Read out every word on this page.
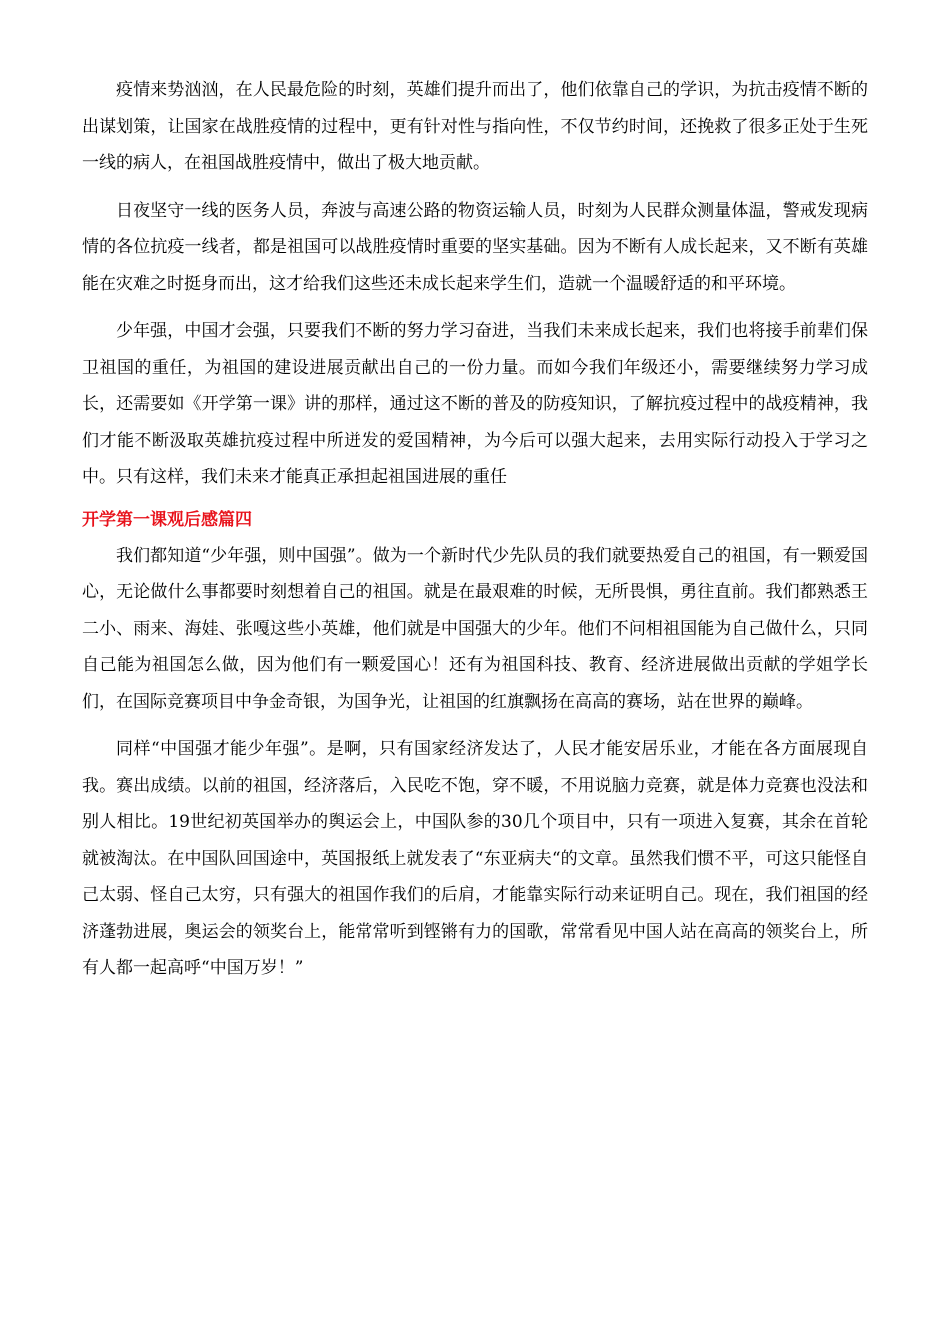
疫情来势汹汹，在人民最危险的时刻，英雄们提升而出了，他们依靠自己的学识，为抗击疫情不断的出谋划策，让国家在战胜疫情的过程中，更有针对性与指向性，不仅节约时间，还挽救了很多正处于生死一线的病人，在祖国战胜疫情中，做出了极大地贡献。

日夜坚守一线的医务人员，奔波与高速公路的物资运输人员，时刻为人民群众测量体温，警戒发现病情的各位抗疫一线者，都是祖国可以战胜疫情时重要的坚实基础。因为不断有人成长起来，又不断有英雄能在灾难之时挺身而出，这才给我们这些还未成长起来学生们，造就一个温暖舒适的和平环境。

少年强，中国才会强，只要我们不断的努力学习奋进，当我们未来成长起来，我们也将接手前辈们保卫祖国的重任，为祖国的建设进展贡献出自己的一份力量。而如今我们年级还小，需要继续努力学习成长，还需要如《开学第一课》讲的那样，通过这不断的普及的防疫知识，了解抗疫过程中的战疫精神，我们才能不断汲取英雄抗疫过程中所迸发的爱国精神，为今后可以强大起来，去用实际行动投入于学习之中。只有这样，我们未来才能真正承担起祖国进展的重任

开学第一课观后感篇四

我们都知道“少年强，则中国强”。做为一个新时代少先队员的我们就要热爱自己的祖国，有一颗爱国心，无论做什么事都要时刻想着自己的祖国。就是在最艰难的时候，无所畏惧，勇往直前。我们都熟悉王二小、雨来、海娃、张嘎这些小英雄，他们就是中国强大的少年。他们不问相祖国能为自己做什么，只同自己能为祖国怎么做，因为他们有一颗爱国心！还有为祖国科技、教育、经济进展做出贡献的学姐学长们，在国际竞赛项目中争金奇银，为国争光，让祖国的红旗飘扬在高高的赛场，站在世界的巅峰。

同样“中国强才能少年强”。是啊，只有国家经济发达了，人民才能安居乐业，才能在各方面展现自我。赛出成绩。以前的祖国，经济落后，入民吃不饱，穿不暖，不用说脑力竞赛，就是体力竞赛也没法和别人相比。19世纪初英国举办的舆运会上，中国队参的30几个项目中，只有一项进入复赛，其余在首轮就被淘汰。在中国队回国途中，英国报纸上就发表了“东亚病夫“的文章。虽然我们惯不平，可这只能怪自己太弱、怪自己太穷，只有强大的祖国作我们的后肩，才能靠实际行动来证明自己。现在，我们祖国的经济蓬勃进展，奥运会的领奖台上，能常常听到铿锵有力的国歌，常常看见中国人站在高高的领奖台上，所有人都一起高呼“中国万岁！”
